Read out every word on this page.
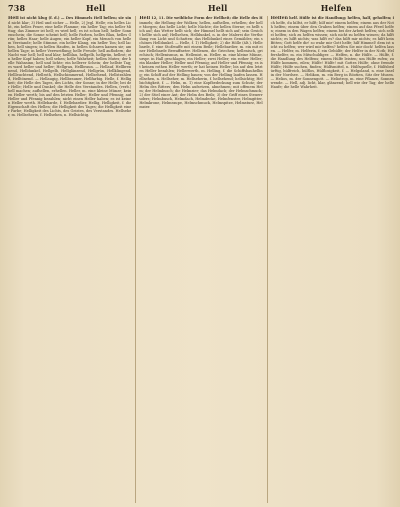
738	Hell	Hell	Helfen

Hell ist nicht klug (f. d.) — Des Himmels Hell bellen; sie sind nicht klar; 3) Heil und sicher — Helle, 2) Jegl. Helle; ein helles Licht, ein helles Feuer, eine helle Flamme; ein heller Tag; ein heller Mittag; das Zimmer ist hell; es wird hell; es ist schon hell; heller Sonnenschein; die Sonne scheint hell; helle Farben, helles Blau, helles Grün; helles Haar; helle Augen; ein heller Kopf, ein Mensch von hellem Verstande; helle Stimme, ein heller Klang, ein heller Ton; hell lachen, hell singen; in hellen Haufen, in hellen Scharen kamen sie; am hellen Tage; in heller Verzweiflung; helle Freude; hell auflodern; die Nacht war hell; hell und klar; hellblau, hellgelb, hellgrün, hellrot; ein heller Kopf haben; hell sehen; helle Wahrheit; hellen Mutes; der helle Wahnsinn; hell und lichte; ein hellerer Schein; der hellste Tag; es ward heller und heller; Hellgrau, Hellbraun. — Hellauf, Hellbrennend, Helldunkel, Hellgelb, Hellglänzend, Hellgrün, Hellklingend, Hellleuchtend, Hellroth, Hellschimmernd, Hellsehend, Hellstrahlend, Helltönend. — Hellaugig, Hellbrauner, Hellfarbig. Helle, f. Helligkeit; die Helle des Tages, des Lichts, der Sonne; in der Helle; bei der Helle; Helle und Dunkel; die Helle des Verstandes. Hellen, (verb.) hell machen; aufhellen, erhellen. Heller, m. eine kleine Münze; keinen Heller werth; bis auf den letzten Heller; Heller und Pfennig; auf Heller und Pfennig bezahlen; nicht einen Heller haben; es ist keinen Heller werth. Hellebarde, f. Hellebardier. Hellig, Helligkeit, f. die Eigenschaft des Hellen; die Helligkeit des Tages; die Helligkeit einer Farbe; Helligkeit des Lichts, des Geistes, des Verstandes. Hellseher, m. Hellseherin, f. Hellsehen, n. Hellsichtig.

Hell 12, 11. Die weibliche Form der Hellheit; die Helle des Himmels; die Hellung der Wolken; hellen, aufhellen, erhellen; der helle Morgen; das helle Licht; helle Nächte; die hellen Sterne; es hellt sich auf; das Wetter hellt sich; der Himmel hellt sich auf; sein Gesicht hellte sich auf; Hellsehen, Helldunkel, n. in der Malerei die Vertheilung von Licht und Schatten; das Helldunkel eines Gemäldes; ein schönes Helldunkel. — Helle, f. 1) Helligkeit; 2) die Hölle (ält.). Hellebarde, f. eine Stoßwaffe mit einem Beile; Hellebardier, m. ein mit einer Hellebarde Bewaffneter. Hellenen, die Griechen; hellenisch, griechisch; Hellenismus, m. Hellenist, m. Heller, m. eine kleine Münze, urspr. in Hall geschlagen; ein Heller; zwei Heller; ein rother Heller; ein blanker Heller; Heller und Pfennig; auf Heller und Pfennig; es ist keinen rothen Heller werth; er hat keinen Heller; bis auf den letzten Heller bezahlen; Hellerwerth, m. Helling, f. die Schiffsbauhelling; ein Schiff auf der Helling bauen; von der Helling laufen lassen. Hellsehen, n. Hellseher, m. Hellseherin, f. hellsehend; hellsichtig; Hellsichtigkeit, f. — Helm, m. 1) eine Kopfbedeckung zum Schutz; der Helm des Ritters; den Helm aufsetzen, abnehmen; mit offenem Helm; der Helmbusch; die Helmzier; das Helmdach; der Helmschmuck; 2) der Stiel einer Axt; der Helm des Beils; 3) der Griff eines Steuerruders; Helmbusch, Helmdach, Helmdecke, Helmfenster, Helmgitter, Helmkrone, Helmraupe, Helmschmuck, Helmspitze, Helmsturz, Helmzier.

Helfen helf. Hülfe ist die Handlung; helfen, half, geholfen; ich helfe, du hilfst, er hilft; hilf mir! einem helfen; einem aus der Noth helfen; einem über den Graben helfen; einem auf das Pferd helfen; einem in den Wagen helfen; einem bei der Arbeit helfen; sich selbst helfen; sich zu helfen wissen; sich nicht zu helfen wissen; da hilft nichts; es hilft nichts; was hilft es? das hilft mir nichts; es hilft kein Bitten; Gott helfe dir! so wahr mir Gott helfe; hilf Himmel! dem ist nicht zu helfen; wer wird mir helfen? helfen Sie mir doch! helfen lassen. — Helfer, m. Helferin, f. ein Gehülfe; der Helfer in der Noth; Helfershelfer, m. ein Mitschuldiger. — Helfen, n. die Hülfe. — Hülfe, f. die Handlung des Helfens; einem Hülfe leisten; um Hülfe rufen; zu Hülfe kommen, eilen; Hülfe! Hülfe! mit Gottes Hülfe; ohne fremde Hülfe; Hülfe suchen, finden; Hülfsmittel, n. Hülfsquelle, f. Hülfsbedürftig, hülfreich, hülflos, Hülflosigkeit, f. — Helgoland, n. eine Insel in der Nordsee. — Helikon, m. ein Berg in Böotien, Sitz der Musen. — Helios, m. der Sonnengott. — Heliotrop, m. eine Pflanze, Sonnenwende. — Hell, adj. licht, klar, glänzend; hell wie der Tag; der helle Haufe; die helle Wahrheit.
